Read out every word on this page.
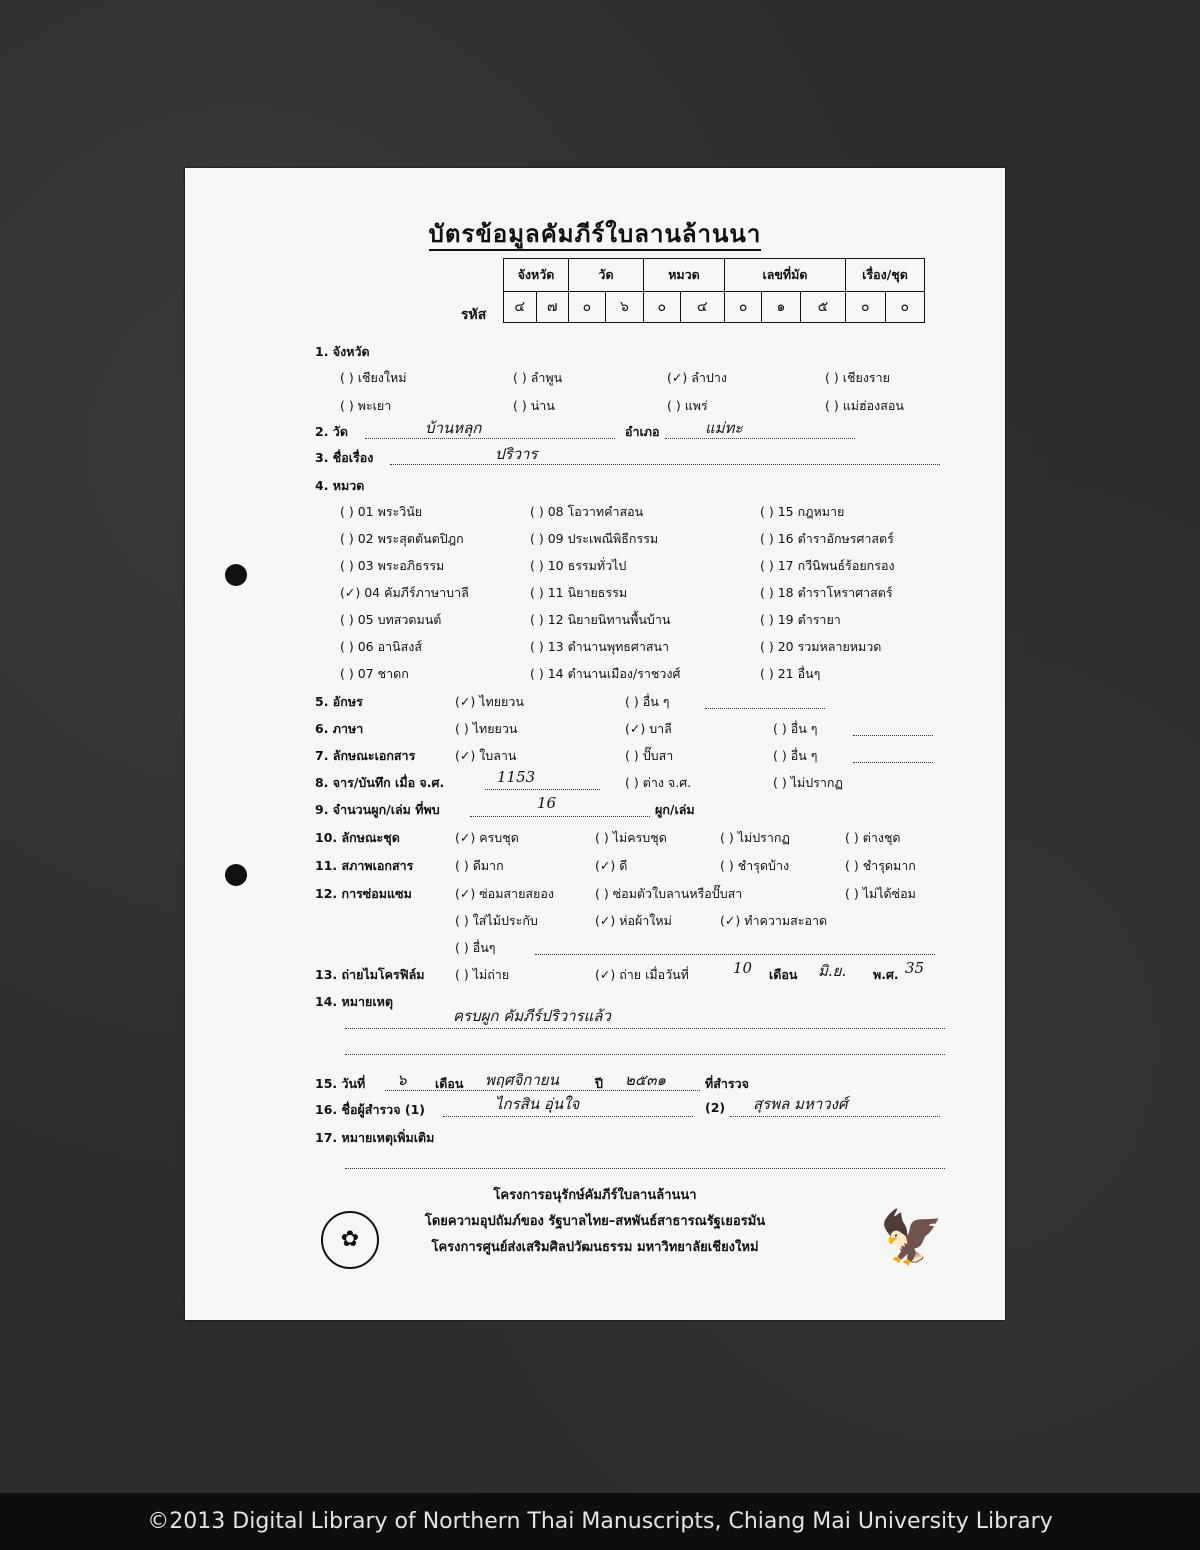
บัตรข้อมูลคัมภีร์ใบลานล้านนา
รหัส
จังหวัด		วัด		หมวด		เลขที่มัด			เรื่อง/ชุด	
๔	๗	๐	๖	๐	๔	๐	๑	๕	๐	๐
1. จังหวัด
( ) เชียงใหม่	( ) ลำพูน	(✓) ลำปาง	( ) เชียงราย
( ) พะเยา	( ) น่าน	( ) แพร่	( ) แม่ฮ่องสอน
2. วัด	บ้านหลุก	อำเภอ	แม่ทะ
3. ชื่อเรื่อง	ปริวาร
4. หมวด
( ) 01 พระวินัย
( ) 02 พระสุตตันตปิฎก
( ) 03 พระอภิธรรม
(✓) 04 คัมภีร์ภาษาบาลี
( ) 05 บทสวดมนต์
( ) 06 อานิสงส์
( ) 07 ชาดก
( ) 08 โอวาทคำสอน
( ) 09 ประเพณีพิธีกรรม
( ) 10 ธรรมทั่วไป
( ) 11 นิยายธรรม
( ) 12 นิยายนิทานพื้นบ้าน
( ) 13 ตำนานพุทธศาสนา
( ) 14 ตำนานเมือง/ราชวงศ์
( ) 15 กฎหมาย
( ) 16 ตำราอักษรศาสตร์
( ) 17 กวีนิพนธ์ร้อยกรอง
( ) 18 ตำราโหราศาสตร์
( ) 19 ตำรายา
( ) 20 รวมหลายหมวด
( ) 21 อื่นๆ
5. อักษร	(✓) ไทยยวน	( ) อื่น ๆ
6. ภาษา	( ) ไทยยวน	(✓) บาลี	( ) อื่น ๆ
7. ลักษณะเอกสาร	(✓) ใบลาน	( ) ปั๊บสา	( ) อื่น ๆ
8. จาร/บันทึก เมื่อ จ.ศ.	1153	( ) ต่าง จ.ศ.	( ) ไม่ปรากฏ
9. จำนวนผูก/เล่ม ที่พบ	16	ผูก/เล่ม
10. ลักษณะชุด	(✓) ครบชุด	( ) ไม่ครบชุด	( ) ไม่ปรากฏ	( ) ต่างชุด
11. สภาพเอกสาร	( ) ดีมาก	(✓) ดี	( ) ชำรุดบ้าง	( ) ชำรุดมาก
12. การซ่อมแซม	(✓) ซ่อมสายสยอง	( ) ซ่อมตัวใบลานหรือปั๊บสา	( ) ไม่ได้ซ่อม
( ) ใส่ไม้ประกับ	(✓) ห่อผ้าใหม่	(✓) ทำความสะอาด
( ) อื่นๆ
13. ถ่ายไมโครฟิล์ม ( ) ไม่ถ่าย	(✓) ถ่าย เมื่อวันที่	10 เดือน มิ.ย. พ.ศ. 35
14. หมายเหตุ
ครบผูก คัมภีร์ปริวารแล้ว
15. วันที่ ๖ เดือน พฤศจิกายน	ปี ๒๕๓๑	ที่สำรวจ
16. ชื่อผู้สำรวจ (1)	ไกรสิน อุ่นใจ	(2) สุรพล มหาวงศ์
17. หมายเหตุเพิ่มเติม
โครงการอนุรักษ์คัมภีร์ใบลานล้านนา
โดยความอุปถัมภ์ของ รัฐบาลไทย–สหพันธ์สาธารณรัฐเยอรมัน
โครงการศูนย์ส่งเสริมศิลปวัฒนธรรม มหาวิทยาลัยเชียงใหม่
✿	🦅
©2013 Digital Library of Northern Thai Manuscripts, Chiang Mai University Library
